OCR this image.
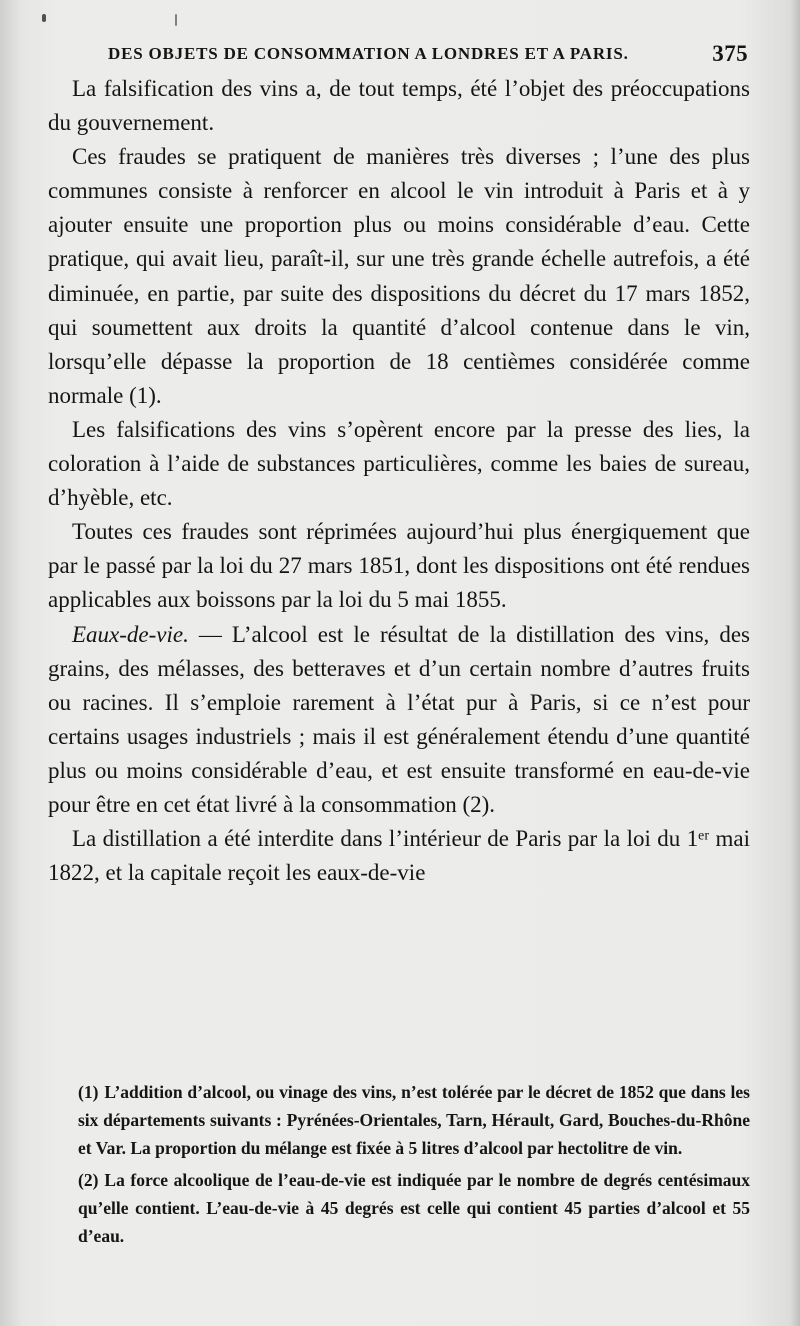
DES OBJETS DE CONSOMMATION A LONDRES ET A PARIS.	375

La falsification des vins a, de tout temps, été l’objet des préoccupations du gouvernement.

Ces fraudes se pratiquent de manières très diverses ; l’une des plus communes consiste à renforcer en alcool le vin introduit à Paris et à y ajouter ensuite une proportion plus ou moins considérable d’eau. Cette pratique, qui avait lieu, paraît-il, sur une très grande échelle autrefois, a été diminuée, en partie, par suite des dispositions du décret du 17 mars 1852, qui soumettent aux droits la quantité d’alcool contenue dans le vin, lorsqu’elle dépasse la proportion de 18 centièmes considérée comme normale (1).

Les falsifications des vins s’opèrent encore par la presse des lies, la coloration à l’aide de substances particulières, comme les baies de sureau, d’hyèble, etc.

Toutes ces fraudes sont réprimées aujourd’hui plus énergiquement que par le passé par la loi du 27 mars 1851, dont les dispositions ont été rendues applicables aux boissons par la loi du 5 mai 1855.

Eaux-de-vie. — L’alcool est le résultat de la distillation des vins, des grains, des mélasses, des betteraves et d’un certain nombre d’autres fruits ou racines. Il s’emploie rarement à l’état pur à Paris, si ce n’est pour certains usages industriels ; mais il est généralement étendu d’une quantité plus ou moins considérable d’eau, et est ensuite transformé en eau-de-vie pour être en cet état livré à la consommation (2).

La distillation a été interdite dans l’intérieur de Paris par la loi du 1ᵉʳ mai 1822, et la capitale reçoit les eaux-de-vie

(1) L’addition d’alcool, ou vinage des vins, n’est tolérée par le décret de 1852 que dans les six départements suivants : Pyrénées-Orientales, Tarn, Hérault, Gard, Bouches-du-Rhône et Var. La proportion du mélange est fixée à 5 litres d’alcool par hectolitre de vin.

(2) La force alcoolique de l’eau-de-vie est indiquée par le nombre de degrés centésimaux qu’elle contient. L’eau-de-vie à 45 degrés est celle qui contient 45 parties d’alcool et 55 d’eau.
